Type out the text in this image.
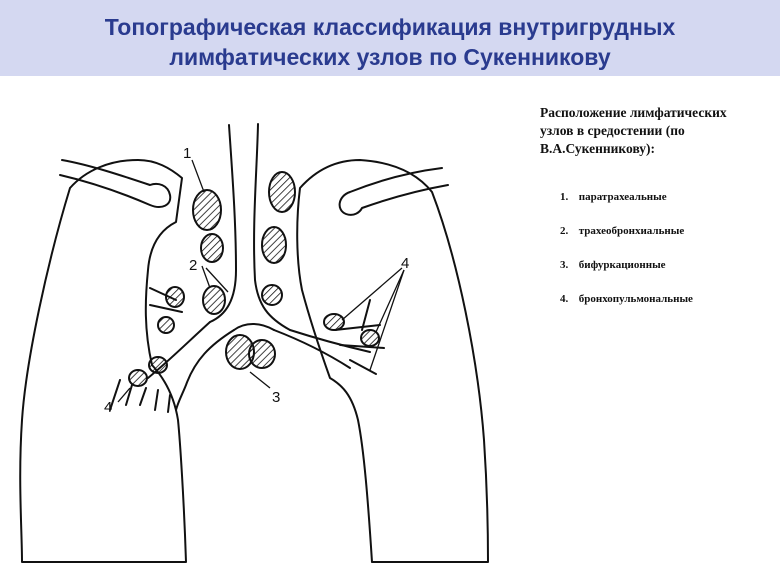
Топографическая классификация внутригрудных
лимфатических узлов по Сукенникову
1
2
3
4
4

Расположение лимфатических
узлов в средостении (по
В.А.Сукенникову):

1. паратрахеальные
2. трахеобронхиальные
3. бифуркационные
4. бронхопульмональные
